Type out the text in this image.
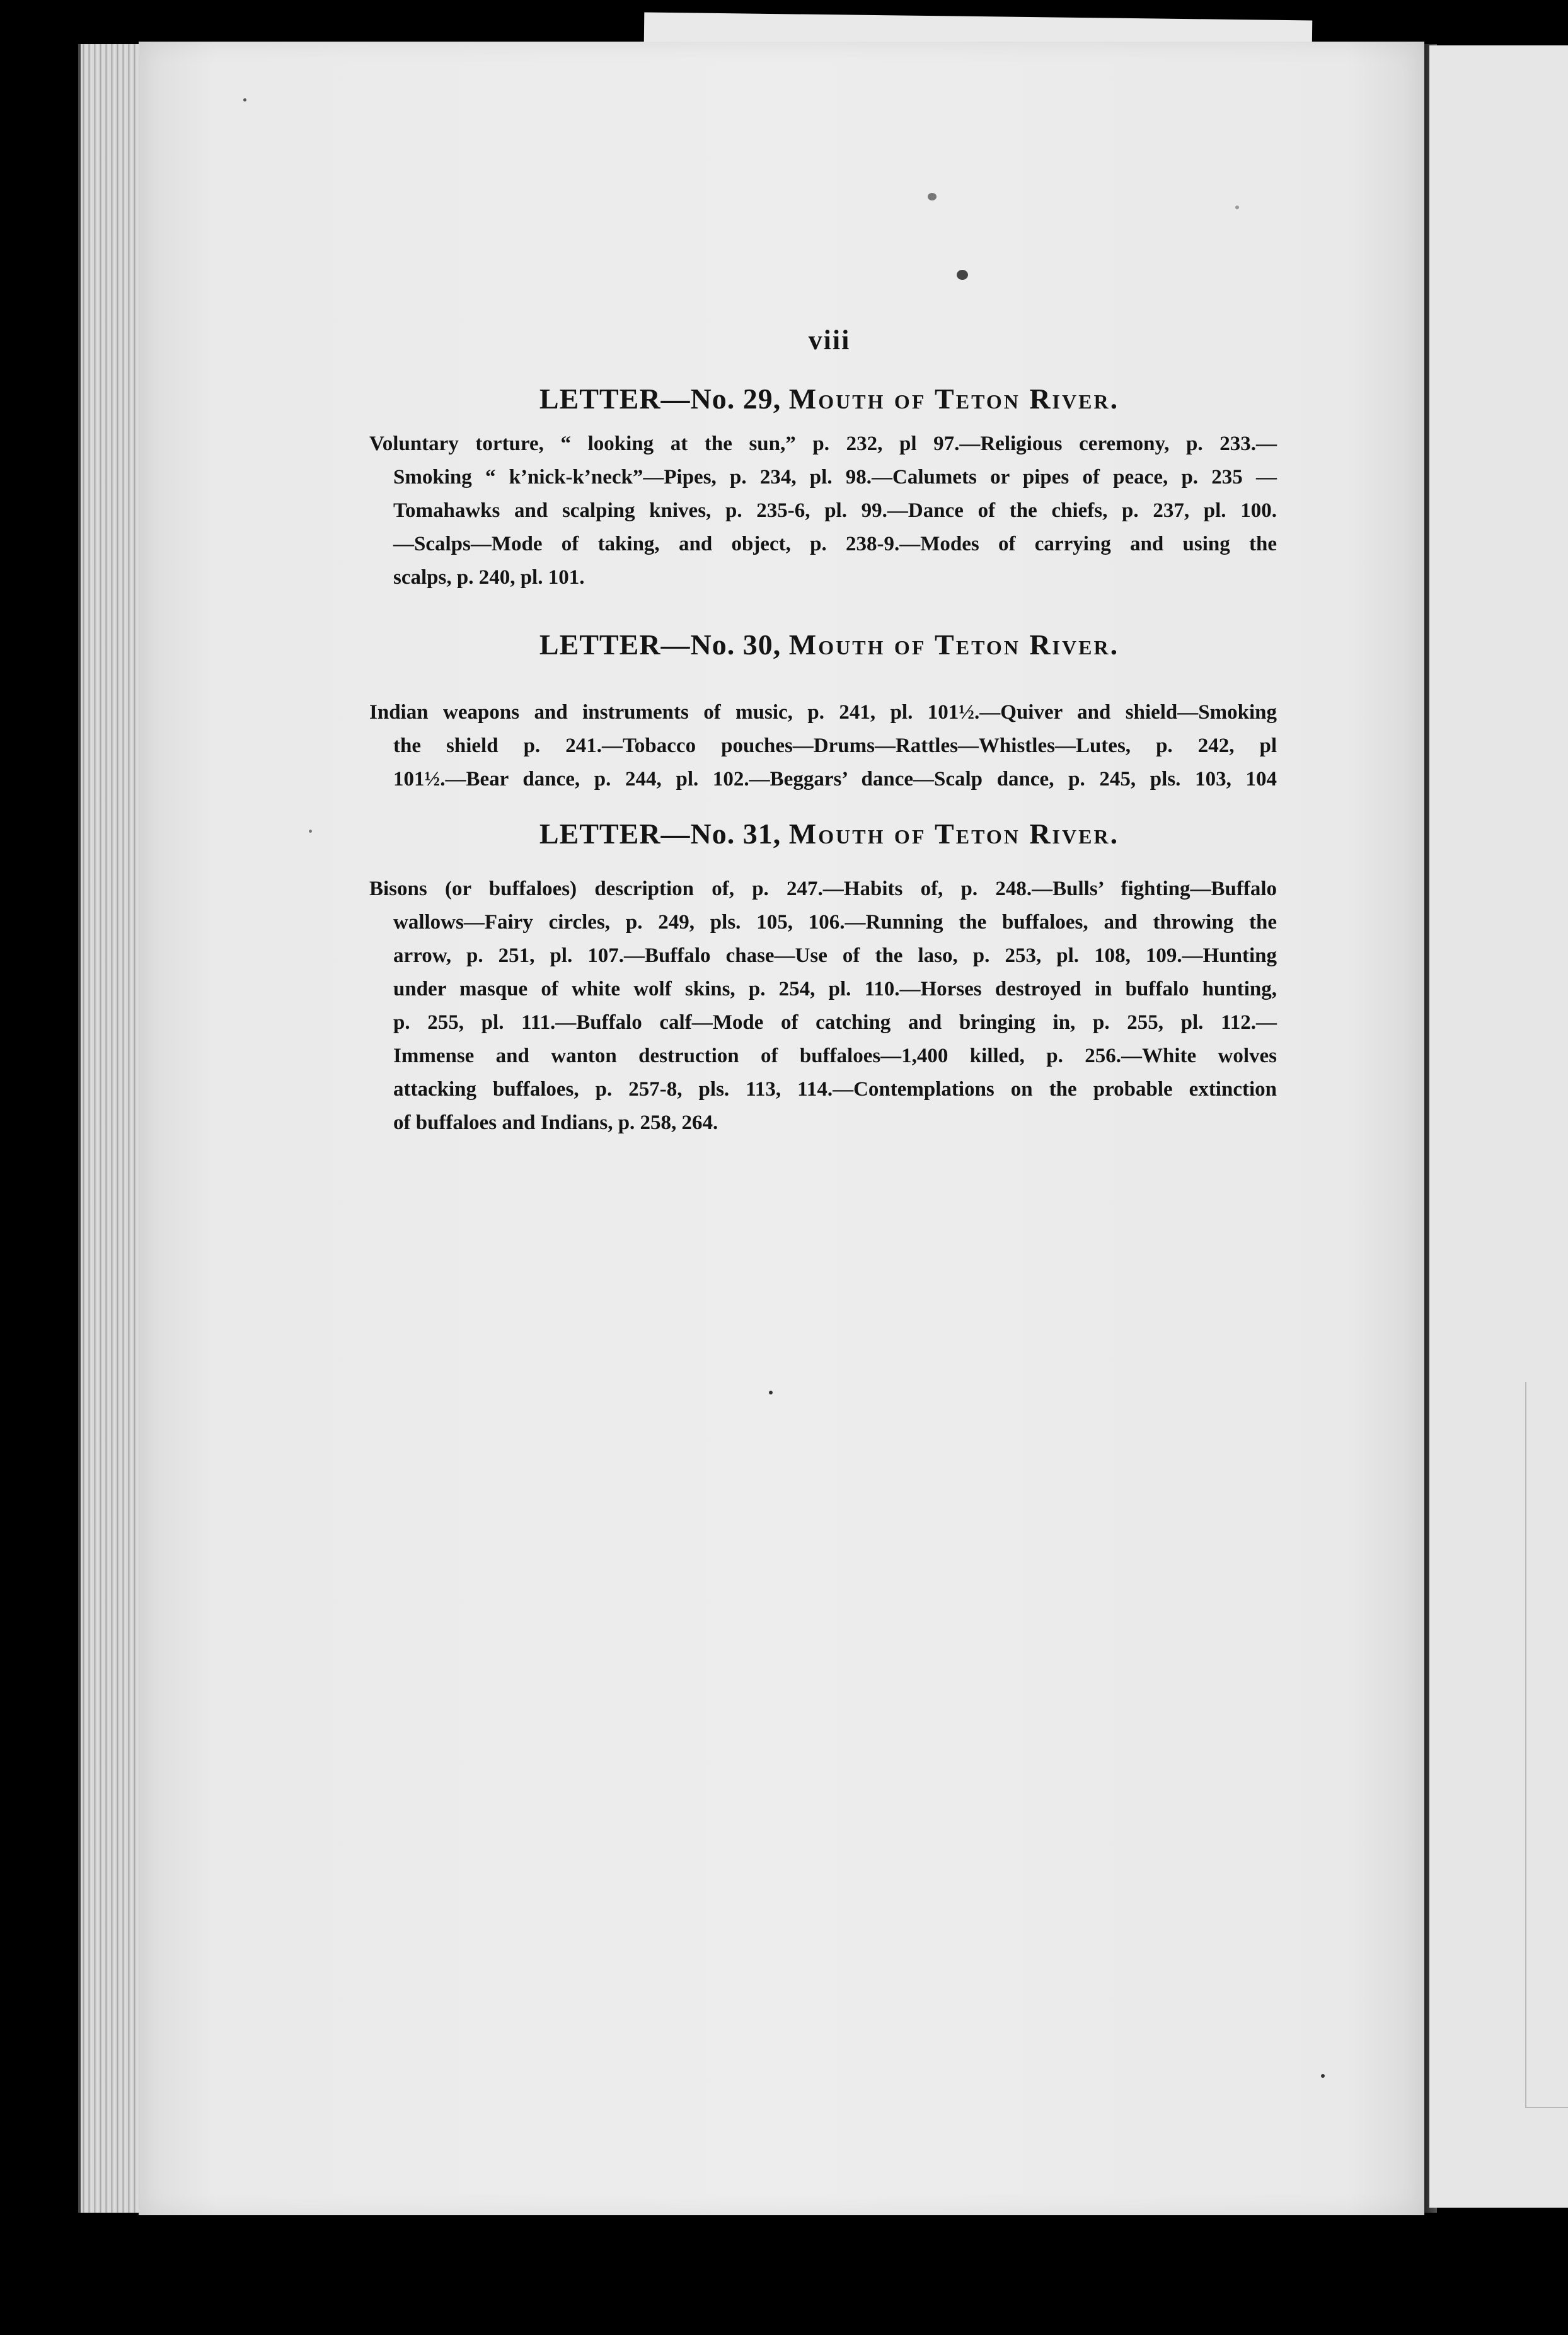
viii
LETTER—No. 29, Mouth of Teton River.
Voluntary torture, “ looking at the sun,” p. 232, pl 97.—Religious ceremony, p. 233.—
Smoking “ k’nick-k’neck”—Pipes, p. 234, pl. 98.—Calumets or pipes of peace, p. 235 —
Tomahawks and scalping knives, p. 235-6, pl. 99.—Dance of the chiefs, p. 237, pl. 100.
—Scalps—Mode of taking, and object, p. 238-9.—Modes of carrying and using the
scalps, p. 240, pl. 101.
LETTER—No. 30, Mouth of Teton River.
Indian weapons and instruments of music, p. 241, pl. 101½.—Quiver and shield—Smoking
the shield p. 241.—Tobacco pouches—Drums—Rattles—Whistles—Lutes, p. 242, pl
101½.—Bear dance, p. 244, pl. 102.—Beggars’ dance—Scalp dance, p. 245, pls. 103, 104
LETTER—No. 31, Mouth of Teton River.
Bisons (or buffaloes) description of, p. 247.—Habits of, p. 248.—Bulls’ fighting—Buffalo
wallows—Fairy circles, p. 249, pls. 105, 106.—Running the buffaloes, and throwing the
arrow, p. 251, pl. 107.—Buffalo chase—Use of the laso, p. 253, pl. 108, 109.—Hunting
under masque of white wolf skins, p. 254, pl. 110.—Horses destroyed in buffalo hunting,
p. 255, pl. 111.—Buffalo calf—Mode of catching and bringing in, p. 255, pl. 112.—
Immense and wanton destruction of buffaloes—1,400 killed, p. 256.—White wolves
attacking buffaloes, p. 257-8, pls. 113, 114.—Contemplations on the probable extinction
of buffaloes and Indians, p. 258, 264.
